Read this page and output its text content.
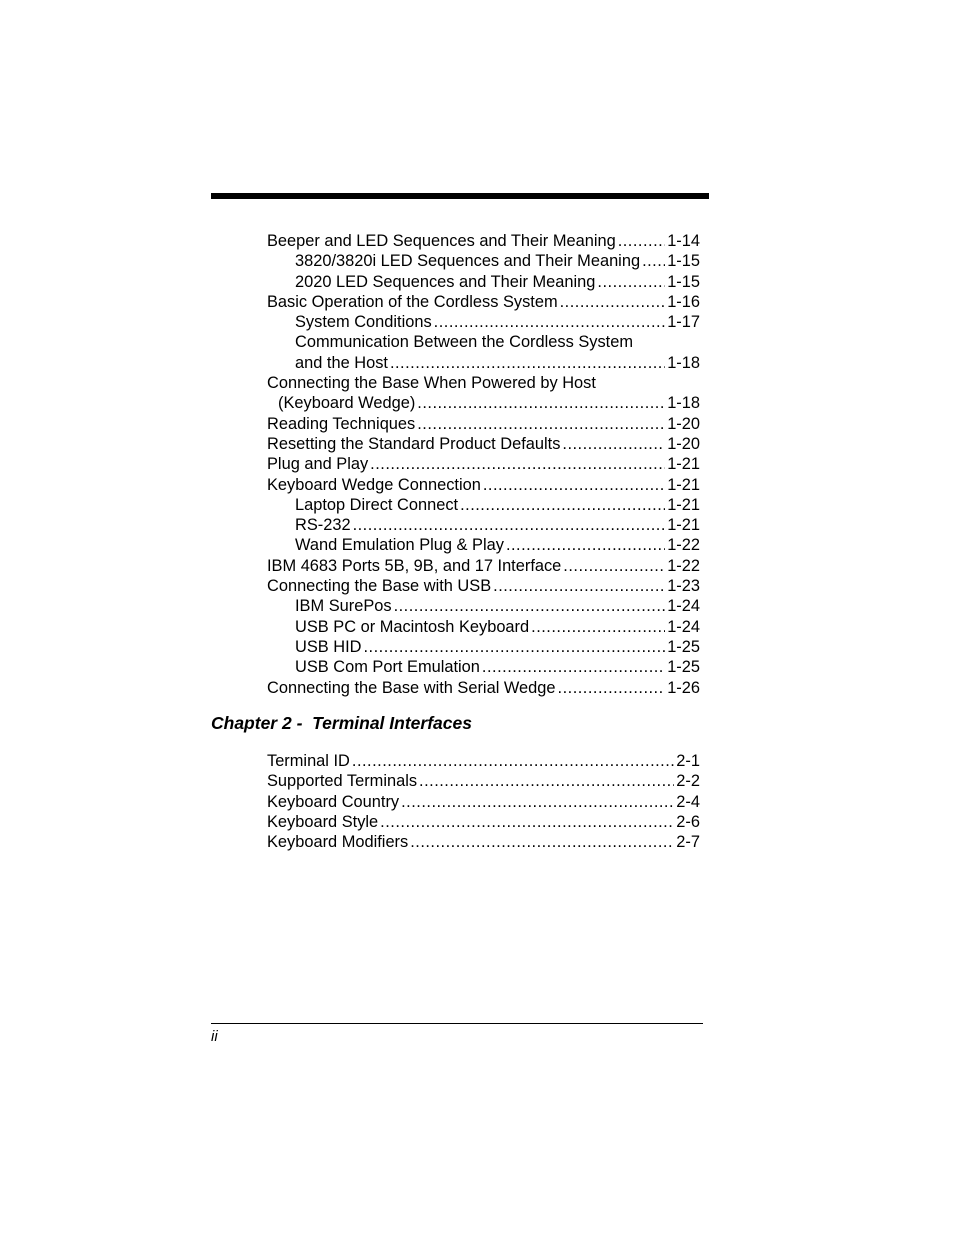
Beeper and LED Sequences and Their Meaning .....	1-14
3820/3820i LED Sequences and Their Meaning ..... 1-15
2020 LED Sequences and Their Meaning .....	1-15
Basic Operation of the Cordless System .....	1-16
System Conditions .....	1-17
Communication Between the Cordless System
and the Host .....	1-18
Connecting the Base When Powered by Host
(Keyboard Wedge) .....	1-18
Reading Techniques .....	1-20
Resetting the Standard Product Defaults .....	1-20
Plug and Play .....	1-21
Keyboard Wedge Connection .....	1-21
Laptop Direct Connect .....	1-21
RS-232 .....	1-21
Wand Emulation Plug & Play .....	1-22
IBM 4683 Ports 5B, 9B, and 17 Interface .....	1-22
Connecting the Base with USB .....	1-23
IBM SurePos .....	1-24
USB PC or Macintosh Keyboard .....	1-24
USB HID .....	1-25
USB Com Port Emulation .....	1-25
Connecting the Base with Serial Wedge .....	1-26
Chapter 2 -  Terminal Interfaces
Terminal ID .....	2-1
Supported Terminals .....	2-2
Keyboard Country .....	2-4
Keyboard Style .....	2-6
Keyboard Modifiers .....	2-7
ii
